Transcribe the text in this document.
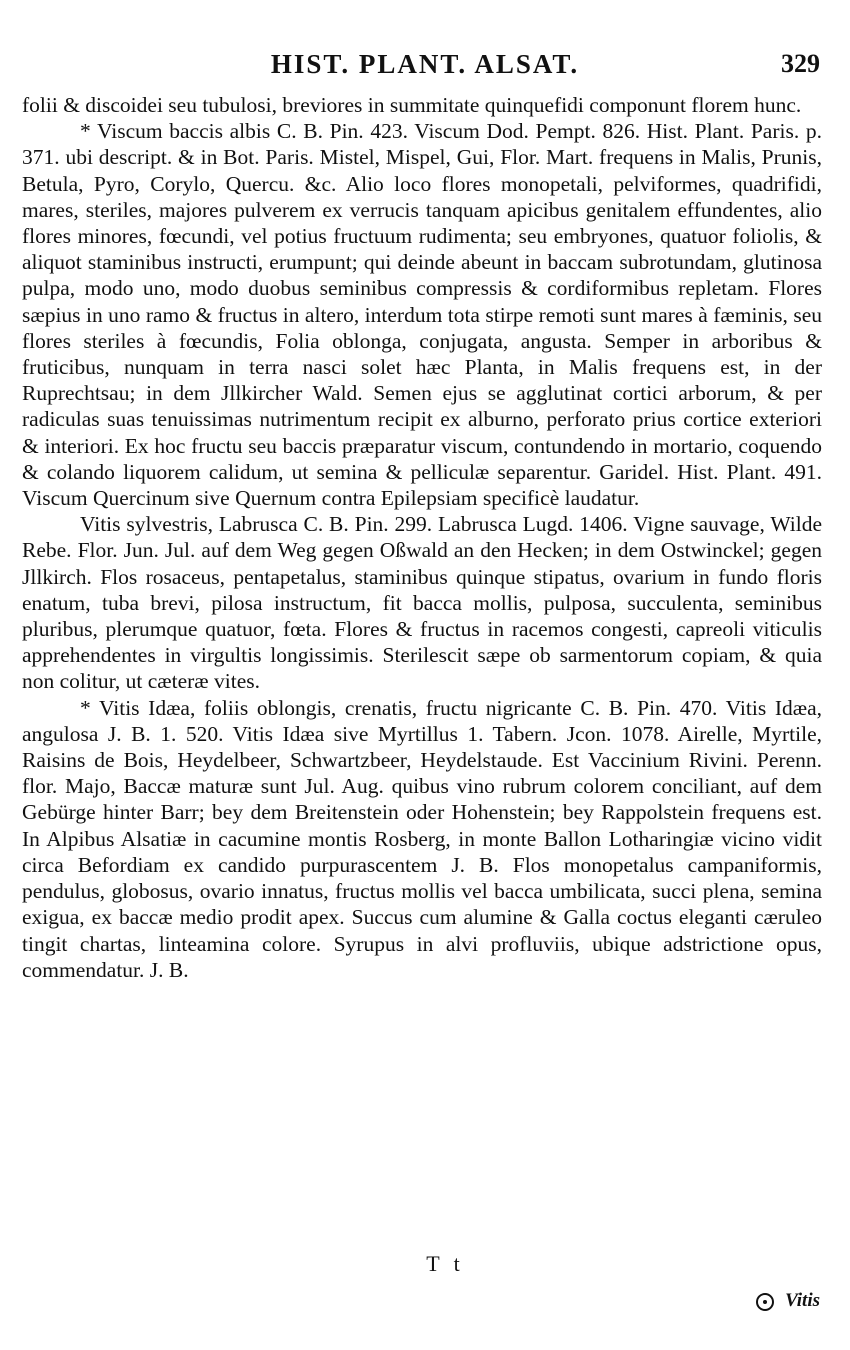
HIST. PLANT. ALSAT.	329

folii & discoidei seu tubulosi, breviores in summitate quinquefidi componunt florem hunc.

* Viscum baccis albis C. B. Pin. 423. Viscum Dod. Pempt. 826. Hist. Plant. Paris. p. 371. ubi descript. & in Bot. Paris. Mistel, Mispel, Gui, Flor. Mart. frequens in Malis, Prunis, Betula, Pyro, Corylo, Quercu. &c. Alio loco flores monopetali, pelviformes, quadrifidi, mares, steriles, majores pulverem ex verrucis tanquam apicibus genitalem effundentes, alio flores minores, fœcundi, vel potius fructuum rudimenta; seu embryones, quatuor foliolis, & aliquot staminibus instructi, erumpunt; qui deinde abeunt in baccam subrotundam, glutinosa pulpa, modo uno, modo duobus seminibus compressis & cordiformibus repletam. Flores sæpius in uno ramo & fructus in altero, interdum tota stirpe remoti sunt mares à fæminis, seu flores steriles à fœcundis, Folia oblonga, conjugata, angusta. Semper in arboribus & fruticibus, nunquam in terra nasci solet hæc Planta, in Malis frequens est, in der Ruprechtsau; in dem Jllkircher Wald. Semen ejus se agglutinat cortici arborum, & per radiculas suas tenuissimas nutrimentum recipit ex alburno, perforato prius cortice exteriori & interiori. Ex hoc fructu seu baccis præparatur viscum, contundendo in mortario, coquendo & colando liquorem calidum, ut semina & pelliculæ separentur. Garidel. Hist. Plant. 491. Viscum Quercinum sive Quernum contra Epilepsiam specificè laudatur.

Vitis sylvestris, Labrusca C. B. Pin. 299. Labrusca Lugd. 1406. Vigne sauvage, Wilde Rebe. Flor. Jun. Jul. auf dem Weg gegen Oßwald an den Hecken; in dem Ostwinckel; gegen Jllkirch. Flos rosaceus, pentapetalus, staminibus quinque stipatus, ovarium in fundo floris enatum, tuba brevi, pilosa instructum, fit bacca mollis, pulposa, succulenta, seminibus pluribus, plerumque quatuor, fœta. Flores & fructus in racemos congesti, capreoli viticulis apprehendentes in virgultis longissimis. Sterilescit sæpe ob sarmentorum copiam, & quia non colitur, ut cæteræ vites.

* Vitis Idæa, foliis oblongis, crenatis, fructu nigricante C. B. Pin. 470. Vitis Idæa, angulosa J. B. 1. 520. Vitis Idæa sive Myrtillus 1. Tabern. Jcon. 1078. Airelle, Myrtile, Raisins de Bois, Heydelbeer, Schwartzbeer, Heydelstaude. Est Vaccinium Rivini. Perenn. flor. Majo, Baccæ maturæ sunt Jul. Aug. quibus vino rubrum colorem conciliant, auf dem Gebürge hinter Barr; bey dem Breitenstein oder Hohenstein; bey Rappolstein frequens est. In Alpibus Alsatiæ in cacumine montis Rosberg, in monte Ballon Lotharingiæ vicino vidit circa Befordiam ex candido purpurascentem J. B. Flos monopetalus campaniformis, pendulus, globosus, ovario innatus, fructus mollis vel bacca umbilicata, succi plena, semina exigua, ex baccæ medio prodit apex. Succus cum alumine & Galla coctus eleganti cæruleo tingit chartas, linteamina colore. Syrupus in alvi profluviis, ubique adstrictione opus, commendatur. J. B.

Tt
Vitis
